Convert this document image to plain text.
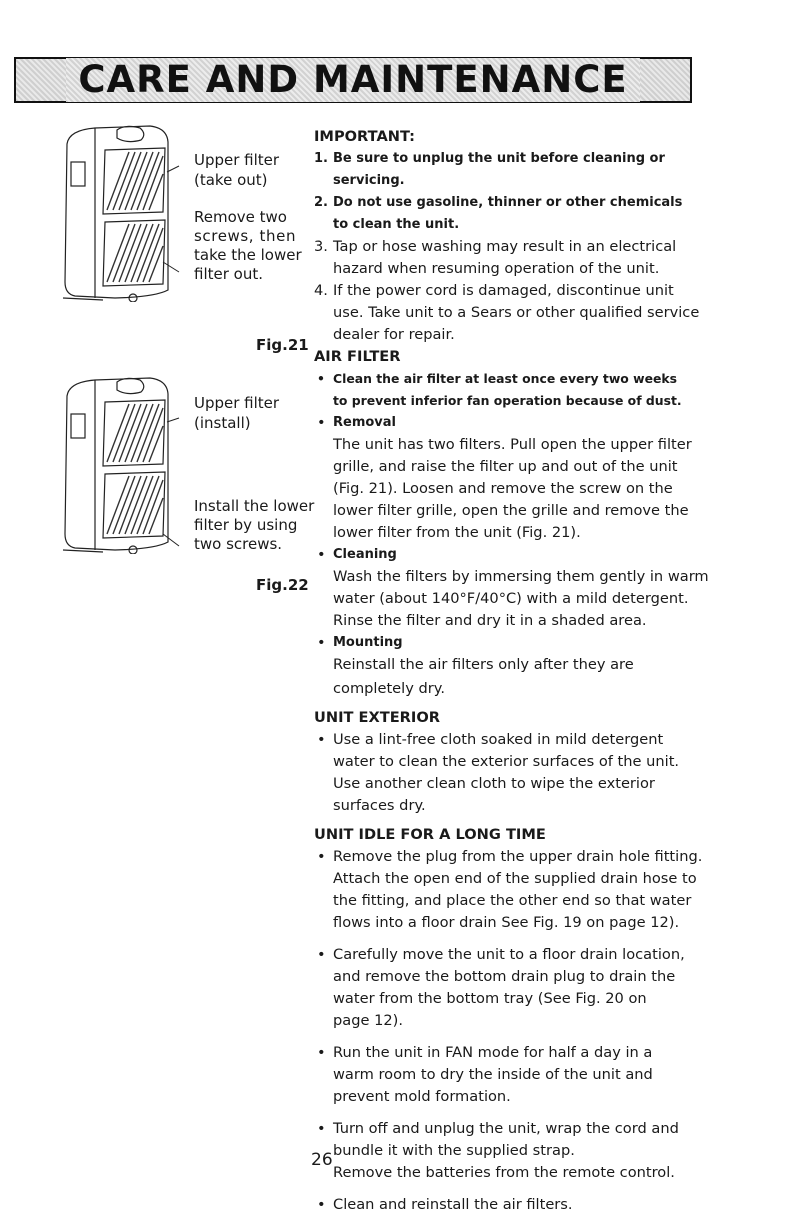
CARE AND MAINTENANCE
Upper filter
(take out)
Remove two
screws, then
take the lower
filter out.
Fig.21
Upper filter
(install)
Install the lower
filter by using
two screws.
Fig.22
IMPORTANT:
1. Be sure to unplug the unit before cleaning or
servicing.
2. Do not use gasoline, thinner or other chemicals
to clean the unit.
3. Tap or hose washing may result in an electrical
hazard when resuming operation of the unit.
4. If the power cord is damaged, discontinue unit
use. Take unit to a Sears or other qualified service
dealer for repair.
AIR FILTER
• Clean the air filter at least once every two weeks
to prevent inferior fan operation because of dust.
• Removal
The unit has two filters. Pull open the upper filter
grille, and raise the filter up and out of the unit
(Fig. 21). Loosen and remove the screw on the
lower filter grille, open the grille and remove the
lower filter from the unit (Fig. 21).
• Cleaning
Wash the filters by immersing them gently in warm
water (about 140°F/40°C) with a mild detergent.
Rinse the filter and dry it in a shaded area.
• Mounting
Reinstall the air filters only after they are
completely dry.
UNIT EXTERIOR
• Use a lint-free cloth soaked in mild detergent
water to clean the exterior surfaces of the unit.
Use another clean cloth to wipe the exterior
surfaces dry.
UNIT IDLE FOR A LONG TIME
• Remove the plug from the upper drain hole fitting.
Attach the open end of the supplied drain hose to
the fitting, and place the other end so that water
flows into a floor drain See Fig. 19 on page 12).
• Carefully move the unit to a floor drain location,
and remove the bottom drain plug to drain the
water from the bottom tray (See Fig. 20 on
page 12).
• Run the unit in FAN mode for half a day in a
warm room to dry the inside of the unit and
prevent mold formation.
• Turn off and unplug the unit, wrap the cord and
bundle it with the supplied strap.
Remove the batteries from the remote control.
• Clean and reinstall the air filters.
26
